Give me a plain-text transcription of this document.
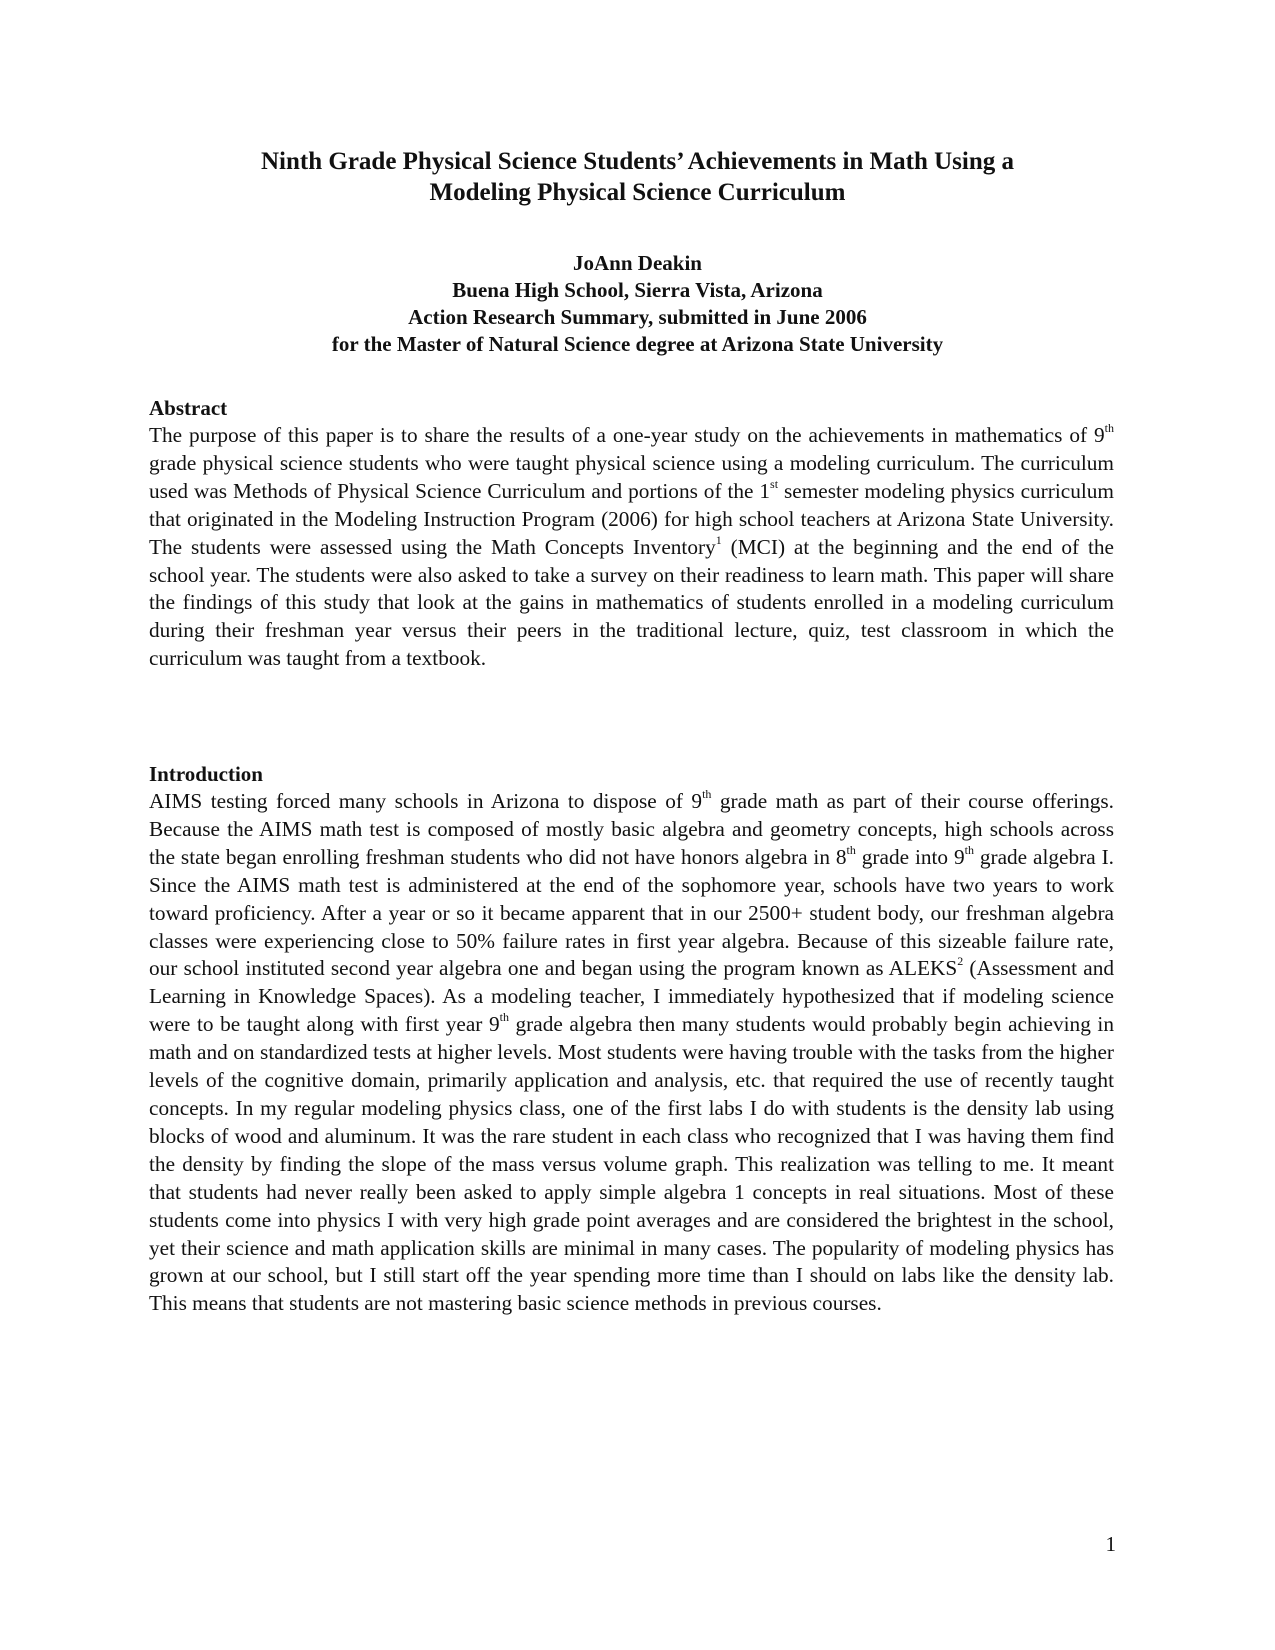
Ninth Grade Physical Science Students’ Achievements in Math Using a
Modeling Physical Science Curriculum
JoAnn Deakin
Buena High School, Sierra Vista, Arizona
Action Research Summary, submitted in June 2006
for the Master of Natural Science degree at Arizona State University

Abstract

The purpose of this paper is to share the results of a one-year study on the achievements in mathematics of 9th grade physical science students who were taught physical science using a modeling curriculum. The curriculum used was Methods of Physical Science Curriculum and portions of the 1st semester modeling physics curriculum that originated in the Modeling Instruction Program (2006) for high school teachers at Arizona State University. The students were assessed using the Math Concepts Inventory$^1$ (MCI) at the beginning and the end of the school year. The students were also asked to take a survey on their readiness to learn math. This paper will share the findings of this study that look at the gains in mathematics of students enrolled in a modeling curriculum during their freshman year versus their peers in the traditional lecture, quiz, test classroom in which the curriculum was taught from a textbook.

Introduction

AIMS testing forced many schools in Arizona to dispose of 9th grade math as part of their course offerings. Because the AIMS math test is composed of mostly basic algebra and geometry concepts, high schools across the state began enrolling freshman students who did not have honors algebra in 8th grade into 9th grade algebra I. Since the AIMS math test is administered at the end of the sophomore year, schools have two years to work toward proficiency. After a year or so it became apparent that in our 2500+ student body, our freshman algebra classes were experiencing close to 50% failure rates in first year algebra. Because of this sizeable failure rate, our school instituted second year algebra one and began using the program known as ALEKS$^2$ (Assessment and Learning in Knowledge Spaces). As a modeling teacher, I immediately hypothesized that if modeling science were to be taught along with first year 9th grade algebra then many students would probably begin achieving in math and on standardized tests at higher levels. Most students were having trouble with the tasks from the higher levels of the cognitive domain, primarily application and analysis, etc. that required the use of recently taught concepts. In my regular modeling physics class, one of the first labs I do with students is the density lab using blocks of wood and aluminum. It was the rare student in each class who recognized that I was having them find the density by finding the slope of the mass versus volume graph. This realization was telling to me. It meant that students had never really been asked to apply simple algebra 1 concepts in real situations. Most of these students come into physics I with very high grade point averages and are considered the brightest in the school, yet their science and math application skills are minimal in many cases. The popularity of modeling physics has grown at our school, but I still start off the year spending more time than I should on labs like the density lab. This means that students are not mastering basic science methods in previous courses.

1
